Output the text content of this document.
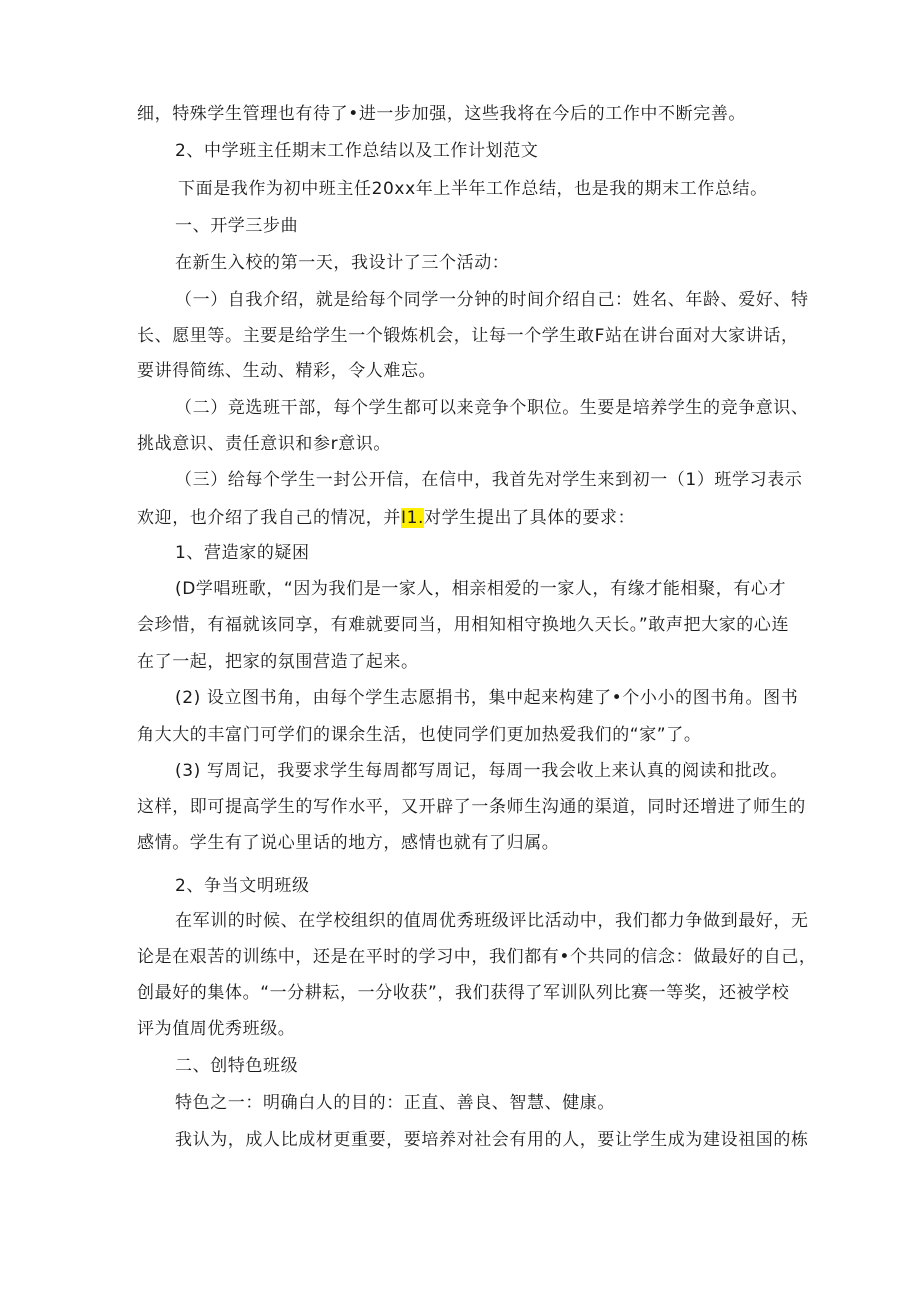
细，特殊学生管理也有待了•进一步加强，这些我将在今后的工作中不断完善。
2、中学班主任期末工作总结以及工作计划范文
下面是我作为初中班主任20xx年上半年工作总结，也是我的期末工作总结。
一、开学三步曲
在新生入校的第一天，我设计了三个活动：
（一）自我介绍，就是给每个同学一分钟的时间介绍自己：姓名、年龄、爱好、特
长、愿里等。主要是给学生一个锻炼机会，让每一个学生敢F站在讲台面对大家讲话，
要讲得简练、生动、精彩，令人难忘。
（二）竞选班干部，每个学生都可以来竞争个职位。生要是培养学生的竞争意识、
挑战意识、责任意识和参r意识。
（三）给每个学生一封公开信，在信中，我首先对学生来到初一（1）班学习表示
欢迎，也介绍了我自己的情况，并I1.对学生提出了具体的要求：
1、营造家的疑困
(D学唱班歌，“因为我们是一家人，相亲相爱的一家人，有缘才能相聚，有心才
会珍惜，有福就该同享，有难就要同当，用相知相守换地久天长。”敢声把大家的心连
在了一起，把家的氛围营造了起来。
(2) 设立图书角，由每个学生志愿捐书，集中起来构建了•个小小的图书角。图书
角大大的丰富门可学们的课余生活，也使同学们更加热爱我们的“家”了。
(3) 写周记，我要求学生每周都写周记，每周一我会收上来认真的阅读和批改。
这样，即可提高学生的写作水平，又开辟了一条师生沟通的渠道，同时还增进了师生的
感情。学生有了说心里话的地方，感情也就有了归属。
2、争当文明班级
在军训的时候、在学校组织的值周优秀班级评比活动中，我们都力争做到最好，无
论是在艰苦的训练中，还是在平时的学习中，我们都有•个共同的信念：做最好的自己，
创最好的集体。“一分耕耘，一分收获”，我们获得了军训队列比赛一等奖，还被学校
评为值周优秀班级。
二、创特色班级
特色之一：明确白人的目的：正直、善良、智慧、健康。
我认为，成人比成材更重要，要培养对社会有用的人，要让学生成为建设祖国的栋
